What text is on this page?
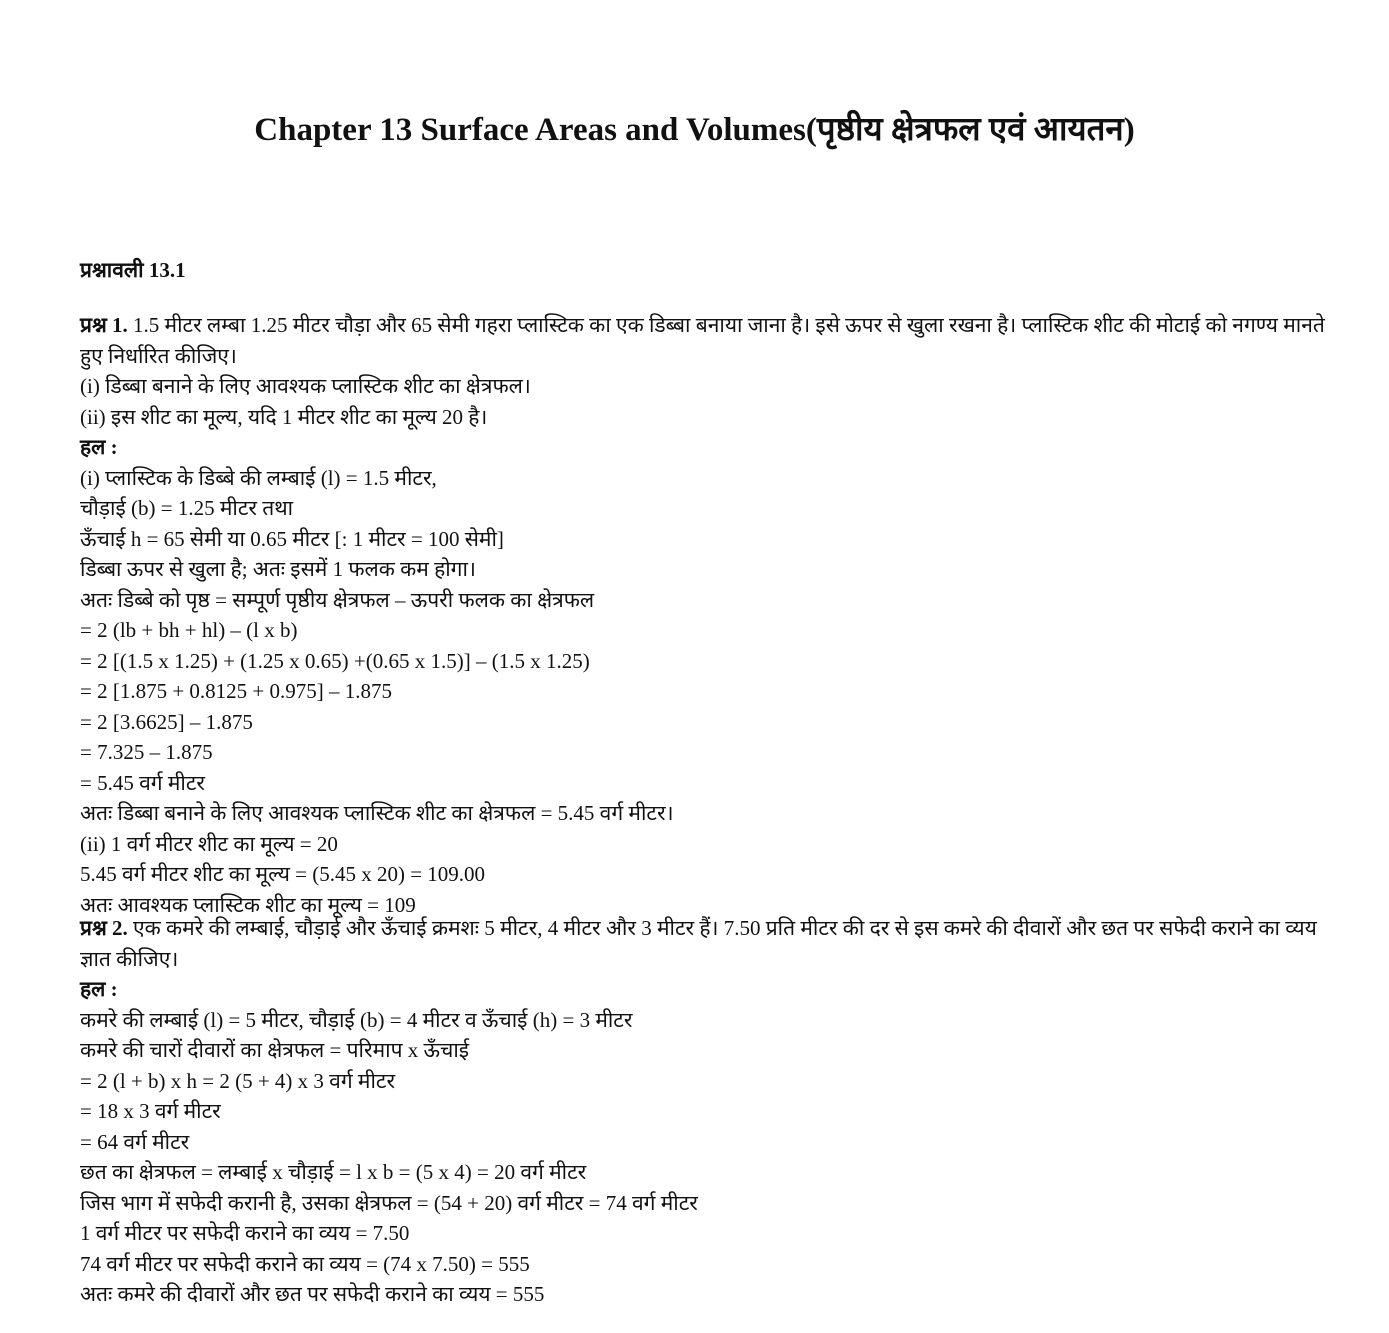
Chapter 13 Surface Areas and Volumes(पृष्ठीय क्षेत्रफल एवं आयतन)
प्रश्नावली 13.1
प्रश्न 1. 1.5 मीटर लम्बा 1.25 मीटर चौड़ा और 65 सेमी गहरा प्लास्टिक का एक डिब्बा बनाया जाना है। इसे ऊपर से खुला रखना है। प्लास्टिक शीट की मोटाई को नगण्य मानते हुए निर्धारित कीजिए।
(i) डिब्बा बनाने के लिए आवश्यक प्लास्टिक शीट का क्षेत्रफल।
(ii) इस शीट का मूल्य, यदि 1 मीटर शीट का मूल्य 20 है।
हल :
(i) प्लास्टिक के डिब्बे की लम्बाई (l) = 1.5 मीटर,
चौड़ाई (b) = 1.25 मीटर तथा
ऊँचाई h = 65 सेमी या 0.65 मीटर [: 1 मीटर = 100 सेमी]
डिब्बा ऊपर से खुला है; अतः इसमें 1 फलक कम होगा।
अतः डिब्बे को पृष्ठ = सम्पूर्ण पृष्ठीय क्षेत्रफल – ऊपरी फलक का क्षेत्रफल
= 2 (lb + bh + hl) – (l x b)
= 2 [(1.5 x 1.25) + (1.25 x 0.65) +(0.65 x 1.5)] – (1.5 x 1.25)
= 2 [1.875 + 0.8125 + 0.975] – 1.875
= 2 [3.6625] – 1.875
= 7.325 – 1.875
= 5.45 वर्ग मीटर
अतः डिब्बा बनाने के लिए आवश्यक प्लास्टिक शीट का क्षेत्रफल = 5.45 वर्ग मीटर।
(ii) 1 वर्ग मीटर शीट का मूल्य = 20
5.45 वर्ग मीटर शीट का मूल्य = (5.45 x 20) = 109.00
अतः आवश्यक प्लास्टिक शीट का मूल्य = 109
प्रश्न 2. एक कमरे की लम्बाई, चौड़ाई और ऊँचाई क्रमशः 5 मीटर, 4 मीटर और 3 मीटर हैं। 7.50 प्रति मीटर की दर से इस कमरे की दीवारों और छत पर सफेदी कराने का व्यय ज्ञात कीजिए।
हल :
कमरे की लम्बाई (l) = 5 मीटर, चौड़ाई (b) = 4 मीटर व ऊँचाई (h) = 3 मीटर
कमरे की चारों दीवारों का क्षेत्रफल = परिमाप x ऊँचाई
= 2 (l + b) x h = 2 (5 + 4) x 3 वर्ग मीटर
= 18 x 3 वर्ग मीटर
= 64 वर्ग मीटर
छत का क्षेत्रफल = लम्बाई x चौड़ाई = l x b = (5 x 4) = 20 वर्ग मीटर
जिस भाग में सफेदी करानी है, उसका क्षेत्रफल = (54 + 20) वर्ग मीटर = 74 वर्ग मीटर
1 वर्ग मीटर पर सफेदी कराने का व्यय = 7.50
74 वर्ग मीटर पर सफेदी कराने का व्यय = (74 x 7.50) = 555
अतः कमरे की दीवारों और छत पर सफेदी कराने का व्यय = 555
